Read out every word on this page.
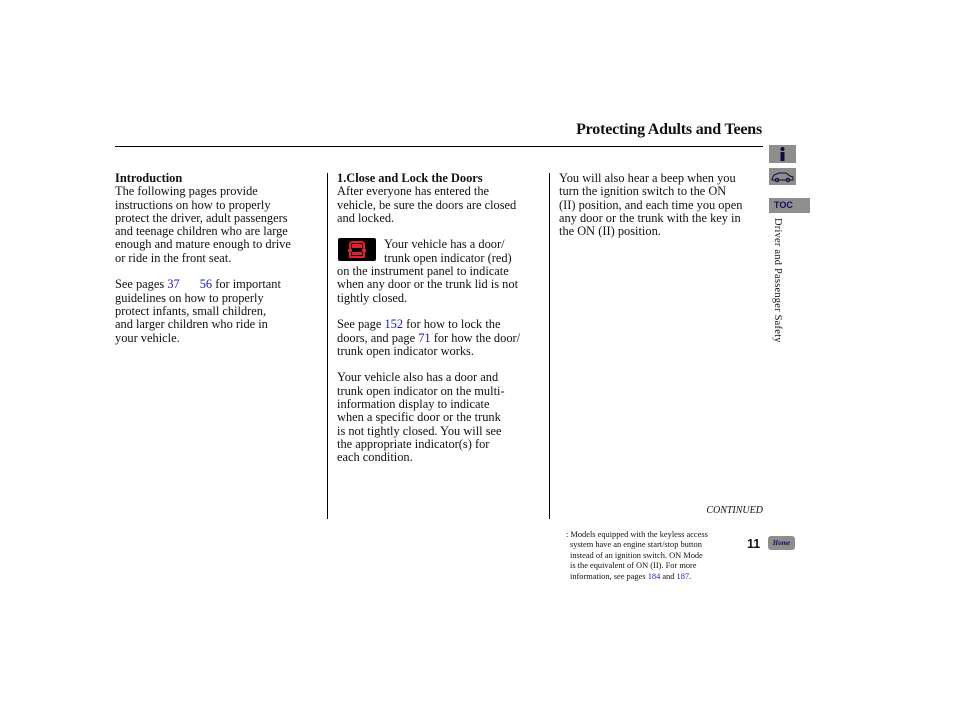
Protecting Adults and Teens

Introduction

The following pages provide

instructions on how to properly

protect the driver, adult passengers

and teenage children who are large

enough and mature enough to drive

or ride in the front seat.

See pages 37 56 for important

guidelines on how to properly

protect infants, small children,

and larger children who ride in

your vehicle.

1.Close and Lock the Doors

After everyone has entered the

vehicle, be sure the doors are closed

and locked.

Your vehicle has a door/

trunk open indicator (red)

on the instrument panel to indicate

when any door or the trunk lid is not

tightly closed.

See page 152 for how to lock the

doors, and page 71 for how the door/

trunk open indicator works.

Your vehicle also has a door and

trunk open indicator on the multi-

information display to indicate

when a specific door or the trunk

is not tightly closed. You will see

the appropriate indicator(s) for

each condition.

You will also hear a beep when you

turn the ignition switch to the ON

(II) position, and each time you open

any door or the trunk with the key in

the ON (II) position.

TOC
Driver and Passenger Safety
CONTINUED

: Models equipped with the keyless access

system have an engine start/stop button

instead of an ignition switch. ON Mode

is the equivalent of ON (II). For more

information, see pages 184 and 187.

11	Home
